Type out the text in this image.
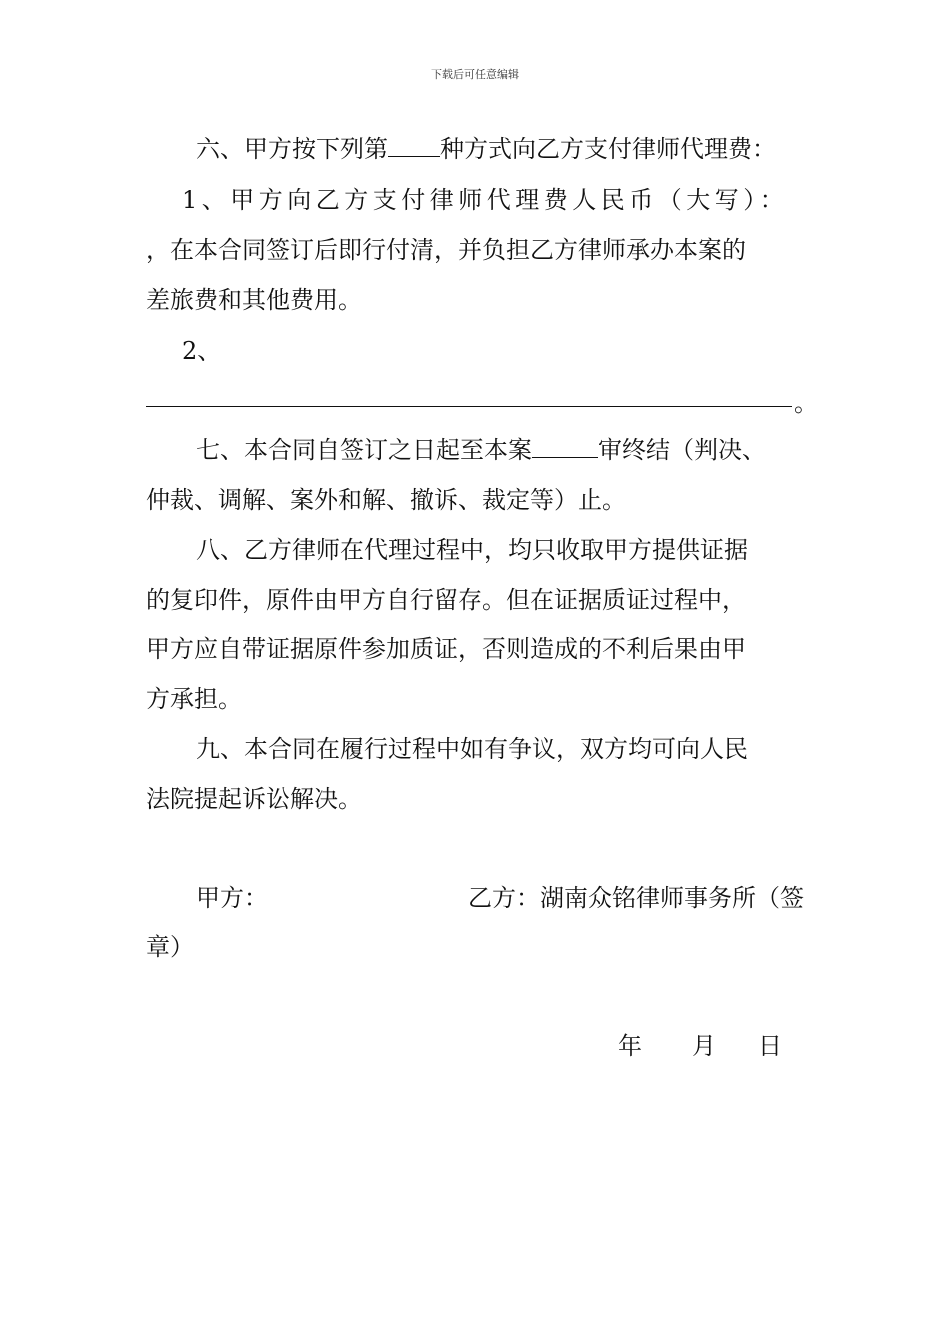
下载后可任意编辑
六、甲方按下列第 种方式向乙方支付律师代理费：
1、甲方向乙方支付律师代理费人民币（大写）：
，在本合同签订后即行付清，并负担乙方律师承办本案的
差旅费和其他费用。
2、
。
七、本合同自签订之日起至本案	审终结（判决、
仲裁、调解、案外和解、撤诉、裁定等）止。
八、乙方律师在代理过程中，均只收取甲方提供证据
的复印件，原件由甲方自行留存。但在证据质证过程中，
甲方应自带证据原件参加质证，否则造成的不利后果由甲
方承担。
九、本合同在履行过程中如有争议，双方均可向人民
法院提起诉讼解决。
甲方：	乙方：湖南众铭律师事务所（签
章）
年 月 日
